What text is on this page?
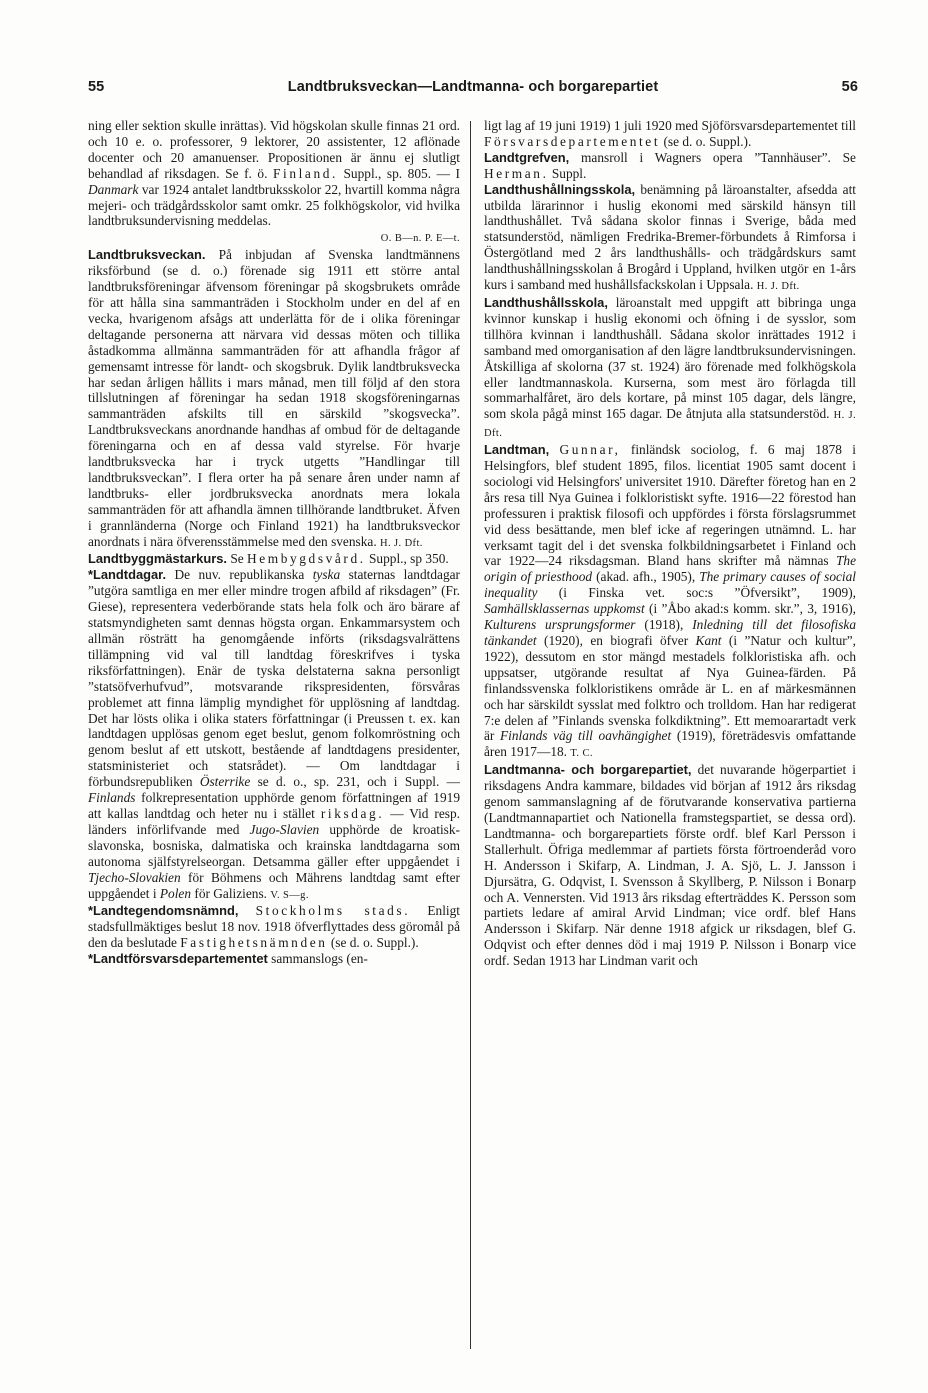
55	Landtbruksveckan—Landtmanna- och borgarepartiet	56

ning eller sektion skulle inrättas). Vid högskolan skulle finnas 21 ord. och 10 e. o. professorer, 9 lektorer, 20 assistenter, 12 aflönade docenter och 20 amanuenser. Propositionen är ännu ej slutligt behandlad af riksdagen. Se f. ö. Finland. Suppl., sp. 805. — I Danmark var 1924 antalet landtbruksskolor 22, hvartill komma några mejeri- och trädgårdsskolor samt omkr. 25 folkhögskolor, vid hvilka landtbruksundervisning meddelas.

O. B—n. P. E—t.

Landtbruksveckan. På inbjudan af Svenska landtmännens riksförbund (se d. o.) förenade sig 1911 ett större antal landtbruksföreningar äfvensom föreningar på skogsbrukets område för att hålla sina sammanträden i Stockholm under en del af en vecka, hvarigenom afsågs att underlätta för de i olika föreningar deltagande personerna att närvara vid dessas möten och tillika åstadkomma allmänna sammanträden för att afhandla frågor af gemensamt intresse för landt- och skogsbruk. Dylik landtbruksvecka har sedan årligen hållits i mars månad, men till följd af den stora tillslutningen af föreningar ha sedan 1918 skogsföreningarnas sammanträden afskilts till en särskild ”skogsvecka”. Landtbruksveckans anordnande handhas af ombud för de deltagande föreningarna och en af dessa vald styrelse. För hvarje landtbruksvecka har i tryck utgetts ”Handlingar till landtbruksveckan”. I flera orter ha på senare åren under namn af landtbruks- eller jordbruksvecka anordnats mera lokala sammanträden för att afhandla ämnen tillhörande landtbruket. Äfven i grannländerna (Norge och Finland 1921) ha landtbruksveckor anordnats i nära öfverensstämmelse med den svenska. H. J. Dft.

Landtbyggmästarkurs. Se Hembygdsvård. Suppl., sp 350.

*Landtdagar. De nuv. republikanska tyska staternas landtdagar ”utgöra samtliga en mer eller mindre trogen afbild af riksdagen” (Fr. Giese), representera vederbörande stats hela folk och äro bärare af statsmyndigheten samt dennas högsta organ. Enkammarsystem och allmän rösträtt ha genomgående införts (riksdagsvalrättens tillämpning vid val till landtdag föreskrifves i tyska riksförfattningen). Enär de tyska delstaterna sakna personligt ”statsöfverhufvud”, motsvarande rikspresidenten, försvåras problemet att finna lämplig myndighet för upplösning af landtdag. Det har lösts olika i olika staters författningar (i Preussen t. ex. kan landtdagen upplösas genom eget beslut, genom folkomröstning och genom beslut af ett utskott, bestående af landtdagens presidenter, statsministeriet och statsrådet). — Om landtdagar i förbundsrepubliken Österrike se d. o., sp. 231, och i Suppl. — Finlands folkrepresentation upphörde genom författningen af 1919 att kallas landtdag och heter nu i stället riksdag. — Vid resp. länders införlifvande med Jugo-Slavien upphörde de kroatisk-slavonska, bosniska, dalmatiska och krainska landtdagarna som autonoma själfstyrelseorgan. Detsamma gäller efter uppgåendet i Tjecho-Slovakien för Böhmens och Mährens landtdag samt efter uppgåendet i Polen för Galiziens. V. S—g.

*Landtegendomsnämnd, Stockholms stads. Enligt stadsfullmäktiges beslut 18 nov. 1918 öfverflyttades dess göromål på den da beslutade Fastighetsnämnden (se d. o. Suppl.).

*Landtförsvarsdepartementet sammanslogs (en-

ligt lag af 19 juni 1919) 1 juli 1920 med Sjöförsvarsdepartementet till Försvarsdepartementet (se d. o. Suppl.).

Landtgrefven, mansroll i Wagners opera ”Tannhäuser”. Se Herman. Suppl.

Landthushållningsskola, benämning på läroanstalter, afsedda att utbilda lärarinnor i huslig ekonomi med särskild hänsyn till landthushållet. Två sådana skolor finnas i Sverige, båda med statsunderstöd, nämligen Fredrika-Bremer-förbundets å Rimforsa i Östergötland med 2 års landthushålls- och trädgårdskurs samt landthushållningsskolan å Brogård i Uppland, hvilken utgör en 1-års kurs i samband med hushållsfackskolan i Uppsala. H. J. Dft.

Landthushållsskola, läroanstalt med uppgift att bibringa unga kvinnor kunskap i huslig ekonomi och öfning i de sysslor, som tillhöra kvinnan i landthushåll. Sådana skolor inrättades 1912 i samband med omorganisation af den lägre landtbruksundervisningen. Åtskilliga af skolorna (37 st. 1924) äro förenade med folkhögskola eller landtmannaskola. Kurserna, som mest äro förlagda till sommarhalfåret, äro dels kortare, på minst 105 dagar, dels längre, som skola pågå minst 165 dagar. De åtnjuta alla statsunderstöd. H. J. Dft.

Landtman, Gunnar, finländsk sociolog, f. 6 maj 1878 i Helsingfors, blef student 1895, filos. licentiat 1905 samt docent i sociologi vid Helsingfors' universitet 1910. Därefter företog han en 2 års resa till Nya Guinea i folkloristiskt syfte. 1916—22 förestod han professuren i praktisk filosofi och uppfördes i första förslagsrummet vid dess besättande, men blef icke af regeringen utnämnd. L. har verksamt tagit del i det svenska folkbildningsarbetet i Finland och var 1922—24 riksdagsman. Bland hans skrifter må nämnas The origin of priesthood (akad. afh., 1905), The primary causes of social inequality (i Finska vet. soc:s ”Öfversikt”, 1909), Samhällsklassernas uppkomst (i ”Åbo akad:s komm. skr.”, 3, 1916), Kulturens ursprungsformer (1918), Inledning till det filosofiska tänkandet (1920), en biografi öfver Kant (i ”Natur och kultur”, 1922), dessutom en stor mängd mestadels folkloristiska afh. och uppsatser, utgörande resultat af Nya Guinea-färden. På finlandssvenska folkloristikens område är L. en af märkesmännen och har särskildt sysslat med folktro och trolldom. Han har redigerat 7:e delen af ”Finlands svenska folkdiktning”. Ett memoarartadt verk är Finlands väg till oavhängighet (1919), företrädesvis omfattande åren 1917—18. T. C.

Landtmanna- och borgarepartiet, det nuvarande högerpartiet i riksdagens Andra kammare, bildades vid början af 1912 års riksdag genom sammanslagning af de förutvarande konservativa partierna (Landtmannapartiet och Nationella framstegspartiet, se dessa ord). Landtmanna- och borgarepartiets förste ordf. blef Karl Persson i Stallerhult. Öfriga medlemmar af partiets första förtroenderåd voro H. Andersson i Skifarp, A. Lindman, J. A. Sjö, L. J. Jansson i Djursätra, G. Odqvist, I. Svensson å Skyllberg, P. Nilsson i Bonarp och A. Vennersten. Vid 1913 års riksdag efterträddes K. Persson som partiets ledare af amiral Arvid Lindman; vice ordf. blef Hans Andersson i Skifarp. När denne 1918 afgick ur riksdagen, blef G. Odqvist och efter dennes död i maj 1919 P. Nilsson i Bonarp vice ordf. Sedan 1913 har Lindman varit och
